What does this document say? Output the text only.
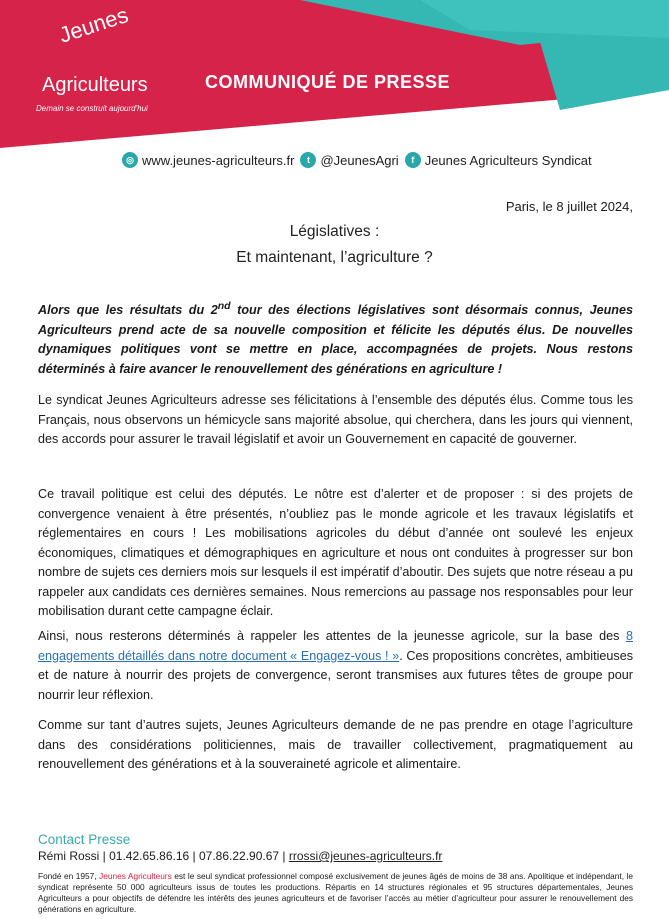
Jeunes
Agriculteurs
Demain se construit aujourd'hui
COMMUNIQUÉ DE PRESSE
◎ www.jeunes-agriculteurs.fr	t @JeunesAgri	f Jeunes Agriculteurs Syndicat
Paris, le 8 juillet 2024,
Législatives :
Et maintenant, l’agriculture ?
Alors que les résultats du 2nd tour des élections législatives sont désormais connus, Jeunes Agriculteurs prend acte de sa nouvelle composition et félicite les députés élus. De nouvelles dynamiques politiques vont se mettre en place, accompagnées de projets. Nous restons déterminés à faire avancer le renouvellement des générations en agriculture !
Le syndicat Jeunes Agriculteurs adresse ses félicitations à l’ensemble des députés élus. Comme tous les Français, nous observons un hémicycle sans majorité absolue, qui cherchera, dans les jours qui viennent, des accords pour assurer le travail législatif et avoir un Gouvernement en capacité de gouverner.
Ce travail politique est celui des députés. Le nôtre est d’alerter et de proposer : si des projets de convergence venaient à être présentés, n’oubliez pas le monde agricole et les travaux législatifs et réglementaires en cours ! Les mobilisations agricoles du début d’année ont soulevé les enjeux économiques, climatiques et démographiques en agriculture et nous ont conduites à progresser sur bon nombre de sujets ces derniers mois sur lesquels il est impératif d’aboutir. Des sujets que notre réseau a pu rappeler aux candidats ces dernières semaines. Nous remercions au passage nos responsables pour leur mobilisation durant cette campagne éclair.
Ainsi, nous resterons déterminés à rappeler les attentes de la jeunesse agricole, sur la base des 8 engagements détaillés dans notre document « Engagez-vous ! ». Ces propositions concrètes, ambitieuses et de nature à nourrir des projets de convergence, seront transmises aux futures têtes de groupe pour nourrir leur réflexion.
Comme sur tant d’autres sujets, Jeunes Agriculteurs demande de ne pas prendre en otage l’agriculture dans des considérations politiciennes, mais de travailler collectivement, pragmatiquement au renouvellement des générations et à la souveraineté agricole et alimentaire.
Contact Presse
Rémi Rossi | 01.42.65.86.16 | 07.86.22.90.67 | rrossi@jeunes-agriculteurs.fr
Fondé en 1957, Jeunes Agriculteurs est le seul syndicat professionnel composé exclusivement de jeunes âgés de moins de 38 ans. Apolitique et indépendant, le syndicat représente 50 000 agriculteurs issus de toutes les productions. Répartis en 14 structures régionales et 95 structures départementales, Jeunes Agriculteurs a pour objectifs de défendre les intérêts des jeunes agriculteurs et de favoriser l’accès au métier d’agriculteur pour assurer le renouvellement des générations en agriculture.
